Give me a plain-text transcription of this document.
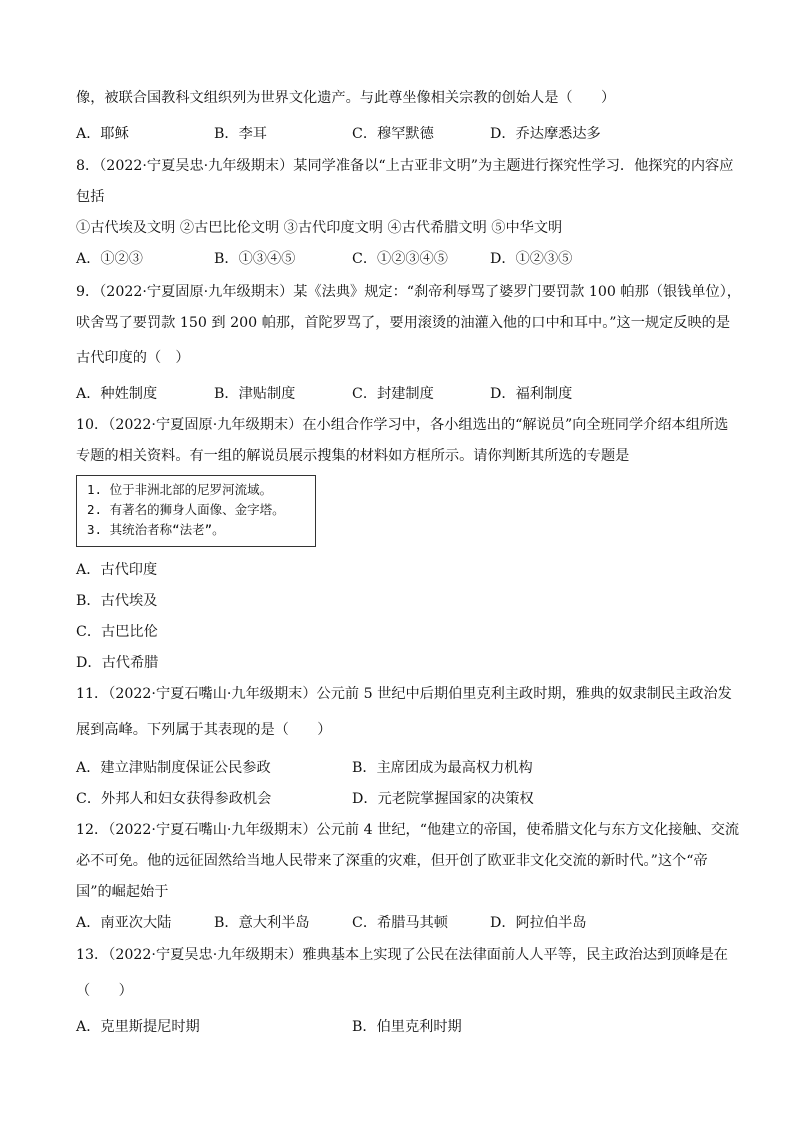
像，被联合国教科文组织列为世界文化遗产。与此尊坐像相关宗教的创始人是（　　）
A．耶稣	B．李耳	C．穆罕默德	D．乔达摩悉达多
8．（2022·宁夏吴忠·九年级期末）某同学准备以“上古亚非文明”为主题进行探究性学习．他探究的内容应
包括
①古代埃及文明 ②古巴比伦文明 ③古代印度文明 ④古代希腊文明 ⑤中华文明
A．①②③	B．①③④⑤	C．①②③④⑤	D．①②③⑤
9．（2022·宁夏固原·九年级期末）某《法典》规定：“刹帝利辱骂了婆罗门要罚款 100 帕那（银钱单位），
吠舍骂了要罚款 150 到 200 帕那，首陀罗骂了，要用滚烫的油灌入他的口中和耳中。”这一规定反映的是
古代印度的（　）
A．种姓制度	B．津贴制度	C．封建制度	D．福利制度
10．（2022·宁夏固原·九年级期末）在小组合作学习中，各小组选出的“解说员”向全班同学介绍本组所选
专题的相关资料。有一组的解说员展示搜集的材料如方框所示。请你判断其所选的专题是
A．古代印度
B．古代埃及
C．古巴比伦
D．古代希腊
11．（2022·宁夏石嘴山·九年级期末）公元前 5 世纪中后期伯里克利主政时期，雅典的奴隶制民主政治发
展到高峰。下列属于其表现的是（　　）
A．建立津贴制度保证公民参政	B．主席团成为最高权力机构
C．外邦人和妇女获得参政机会	D．元老院掌握国家的决策权
12．（2022·宁夏石嘴山·九年级期末）公元前 4 世纪，“他建立的帝国，使希腊文化与东方文化接触、交流
必不可免。他的远征固然给当地人民带来了深重的灾难，但开创了欧亚非文化交流的新时代。”这个“帝
国”的崛起始于
A．南亚次大陆	B．意大利半岛	C．希腊马其顿	D．阿拉伯半岛
13．（2022·宁夏吴忠·九年级期末）雅典基本上实现了公民在法律面前人人平等，民主政治达到顶峰是在
（　　）
A．克里斯提尼时期	B．伯里克利时期
1. 位于非洲北部的尼罗河流域。
2. 有著名的狮身人面像、金字塔。
3. 其统治者称“法老”。
